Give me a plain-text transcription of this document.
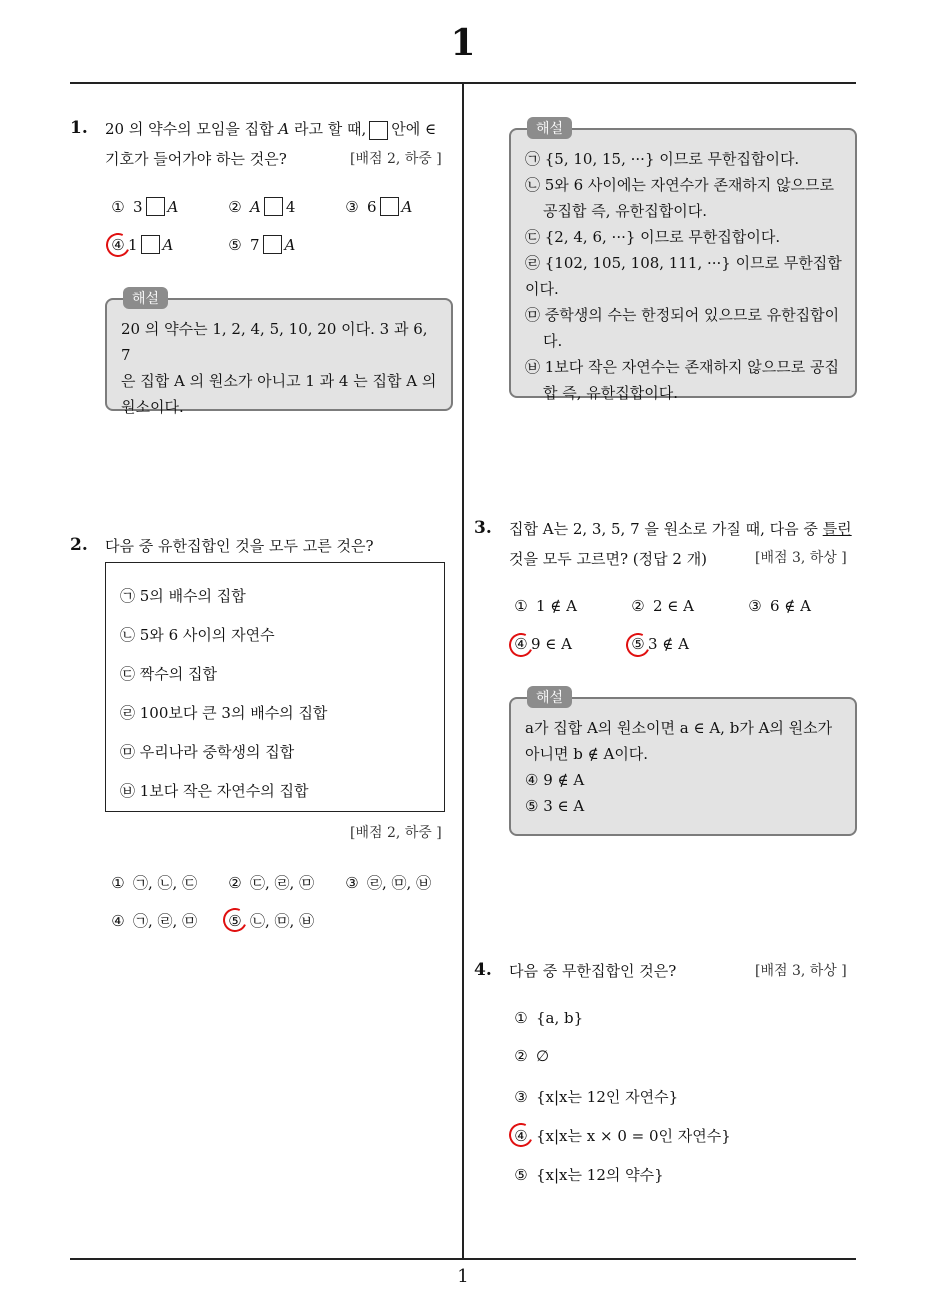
1
1
1. 20 의 약수의 모임을 집합 A 라고 할 때, 안에 ∈
기호가 들어가야 하는 것은?	[배점 2, 하중 ]
① 3 A	② A 4	③ 6 A
④ 1 A	⑤ 7 A
해설
20 의 약수는 1, 2, 4, 5, 10, 20 이다. 3 과 6, 7
은 집합 A 의 원소가 아니고 1 과 4 는 집합 A 의
원소이다.
해설
㉠ {5, 10, 15, ···} 이므로 무한집합이다.
㉡ 5와 6 사이에는 자연수가 존재하지 않으므로
공집합 즉, 유한집합이다.
㉢ {2, 4, 6, ···} 이므로 무한집합이다.
㉣ {102, 105, 108, 111, ···} 이므로 무한집합이다.
㉤ 중학생의 수는 한정되어 있으므로 유한집합이
다.
㉥ 1보다 작은 자연수는 존재하지 않으므로 공집
합 즉, 유한집합이다.
2. 다음 중 유한집합인 것을 모두 고른 것은?
㉠ 5의 배수의 집합
㉡ 5와 6 사이의 자연수
㉢ 짝수의 집합
㉣ 100보다 큰 3의 배수의 집합
㉤ 우리나라 중학생의 집합
㉥ 1보다 작은 자연수의 집합
[배점 2, 하중 ]
① ㉠, ㉡, ㉢ ② ㉢, ㉣, ㉤ ③ ㉣, ㉤, ㉥
④ ㉠, ㉣, ㉤ ⑤ ㉡, ㉤, ㉥
3. 집합 A는 2, 3, 5, 7 을 원소로 가질 때, 다음 중 틀린
것을 모두 고르면? (정답 2 개)	[배점 3, 하상 ]
① 1 ∉ A	② 2 ∈ A	③ 6 ∉ A
④ 9 ∈ A	⑤ 3 ∉ A
해설
a가 집합 A의 원소이면 a ∈ A, b가 A의 원소가
아니면 b ∉ A이다.
④ 9 ∉ A
⑤ 3 ∈ A
4. 다음 중 무한집합인 것은?	[배점 3, 하상 ]
① {a, b}
② ∅
③ {x|x는 12인 자연수}
④ {x|x는 x × 0 = 0인 자연수}
⑤ {x|x는 12의 약수}
